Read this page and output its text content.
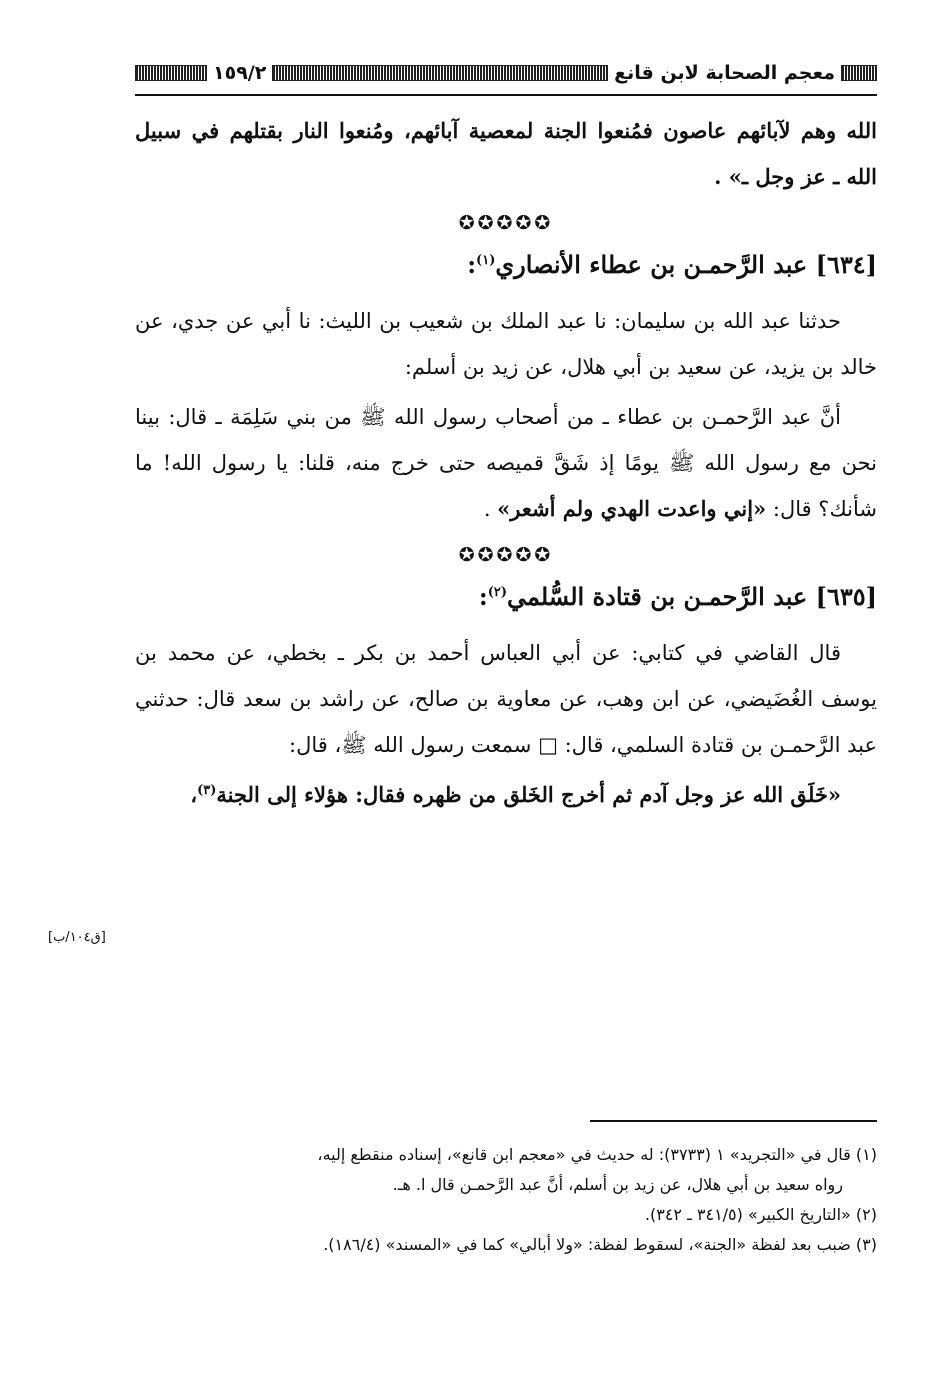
معجم الصحابة لابن قانع
١٥٩/٢

الله وهم لآبائهم عاصون فمُنعوا الجنة لمعصية آبائهم، ومُنعوا النار بقتلهم في سبيل الله ـ عز وجل ـ» .

✪✪✪✪✪
[٦٣٤] عبد الرَّحمـن بن عطاء الأنصاري$^{(١)}$:

حدثنا عبد الله بن سليمان: نا عبد الملك بن شعيب بن الليث: نا أبي عن جدي، عن خالد بن يزيد، عن سعيد بن أبي هلال، عن زيد بن أسلم:

أنَّ عبد الرَّحمـن بن عطاء ـ من أصحاب رسول الله ﷺ من بني سَلِمَة ـ قال: بينا نحن مع رسول الله ﷺ يومًا إذ شَقَّ قميصه حتى خرج منه، قلنا: يا رسول الله! ما شأنك؟ قال: «إني واعدت الهدي ولم أشعر» .

✪✪✪✪✪
[٦٣٥] عبد الرَّحمـن بن قتادة السُّلمي$^{(٢)}$:

قال القاضي في كتابي: عن أبي العباس أحمد بن بكر ـ بخطي، عن محمد بن يوسف الغُضَيضي، عن ابن وهب، عن معاوية بن صالح، عن راشد بن سعد قال: حدثني عبد الرَّحمـن بن قتادة السلمي، قال: □ سمعت رسول الله ﷺ، قال:

«خَلَق الله عز وجل آدم ثم أخرج الخَلق من ظهره فقال: هؤلاء إلى الجنة$^{(٣)}$،

[ق١٠٤/ب]

(١) قال في «التجريد» ١ (٣٧٣٣): له حديث في «معجم ابن قانع»، إسناده منقطع إليه،

رواه سعيد بن أبي هلال، عن زيد بن أسلم، أنَّ عبد الرَّحمـن قال ا. هـ.

(٢) «التاريخ الكبير» (٣٤١/٥ ـ ٣٤٢).

(٣) ضبب بعد لفظة «الجنة»، لسقوط لفظة: «ولا أبالي» كما في «المسند» (١٨٦/٤).
